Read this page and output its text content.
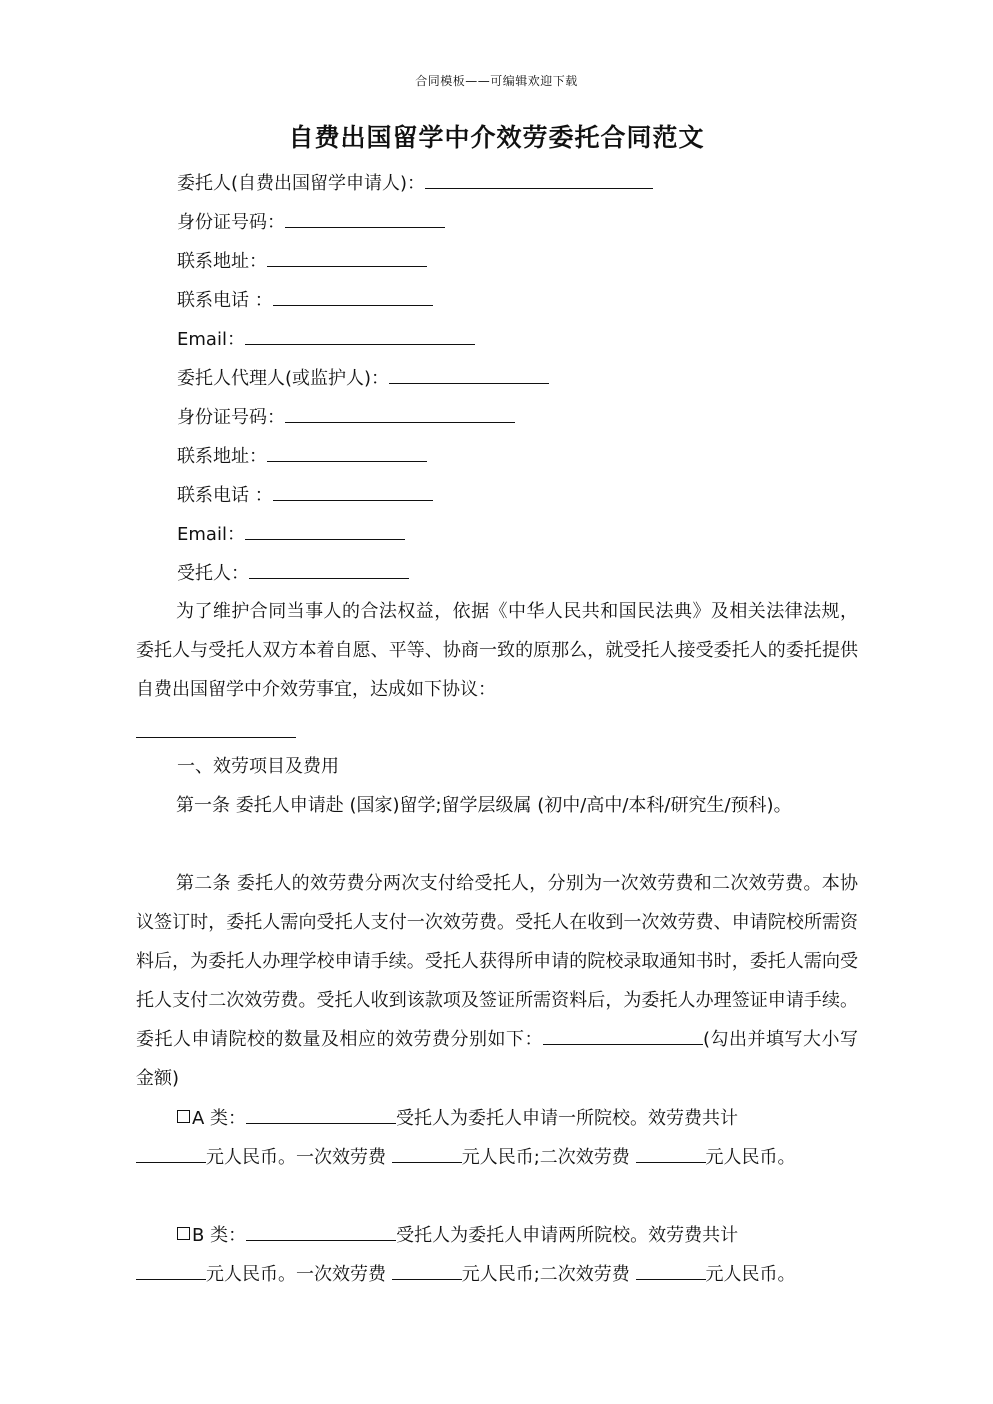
合同模板——可编辑欢迎下载
自费出国留学中介效劳委托合同范文
委托人(自费出国留学申请人)：
身份证号码：
联系地址：
联系电话 ：
Email：
委托人代理人(或监护人)：
身份证号码：
联系地址：
联系电话 ：
Email：
受托人：

为了维护合同当事人的合法权益，依据《中华人民共和国民法典》及相关法律法规，委托人与受托人双方本着自愿、平等、协商一致的原那么，就受托人接受委托人的委托提供自费出国留学中介效劳事宜，达成如下协议：

一、效劳项目及费用

第一条 委托人申请赴 (国家)留学;留学层级属 (初中/高中/本科/研究生/预科)。

第二条 委托人的效劳费分两次支付给受托人，分别为一次效劳费和二次效劳费。本协议签订时，委托人需向受托人支付一次效劳费。受托人在收到一次效劳费、申请院校所需资料后，为委托人办理学校申请手续。受托人获得所申请的院校录取通知书时，委托人需向受托人支付二次效劳费。受托人收到该款项及签证所需资料后，为委托人办理签证申请手续。委托人申请院校的数量及相应的效劳费分别如下：	(勾出并填写大小写金额)

A 类：	受托人为委托人申请一所院校。效劳费共计
元人民币。一次效劳费	元人民币;二次效劳费	元人民币。
B 类：	受托人为委托人申请两所院校。效劳费共计
元人民币。一次效劳费	元人民币;二次效劳费	元人民币。
